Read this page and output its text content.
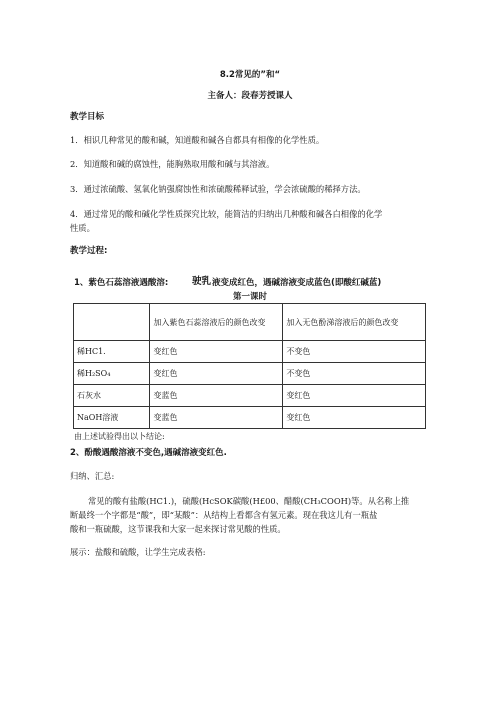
8.2常见的”和“
主备人：段春芳授课人
教学目标
1．相识几种常见的酸和碱，知道酸和碱各自都具有相像的化学性质。
2．知道酸和碱的腐蚀性，能胸熟取用酸和碱与其溶液。
3．通过浓硫酸、氢氧化钠强腐蚀性和浓硫酸稀释试验，学会浓硫酸的稀择方法。
4．通过常见的酸和碱化学性质探究比较，能简洁的归纳出几种酸和碱各白相像的化学
性质。
教学过程:
1、紫色石蕊溶液遇酸溶:	液变成红色，遇碱溶液变成蓝色(即酸红碱蓝)
驶乳
第一课时
	加入紫色石蕊溶液后的颜色改变	加入无色酚涕溶液后的颜色改变
稀HC1.	变红色	不变色
稀H₂SO₄	变红色	不变色
石灰水	变蓝色	变红色
NaOH溶液	变蓝色	变红色
由上述试验得出以卜结论:
2、酚酸遇酸溶液不变色,遇碱溶液变红色.
归纳、汇总:
常见的酸有盐酸(HC1.)，硫酸(HcSOK碳酸(H£00、醋酸(CH₃COOH)等。从名称上推
断最终一个字都是“酸”，即“某酸”：从结构上看都含有氢元素。现在我这儿有一瓶盐
酸和一瓶硫酸，这节课我和大家一起来探讨常见酸的性质。
展示：盐酸和硫酸，让学生完成表格:
